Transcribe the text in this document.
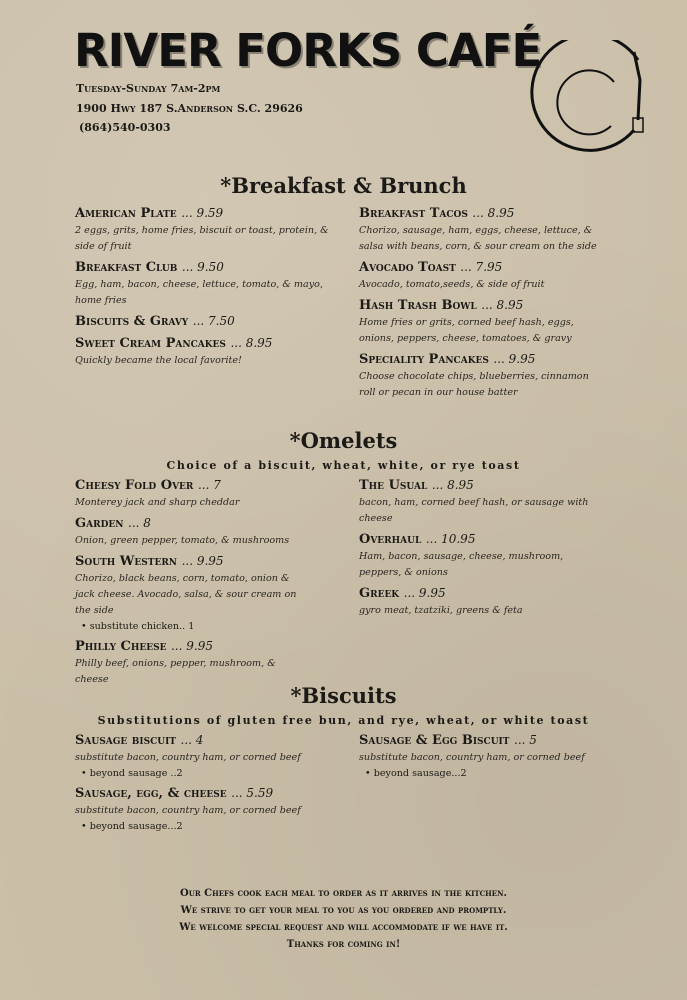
RIVER FORKS CAFÉ
Tuesday-Sunday 7am-2pm
1900 Hwy 187 S.Anderson S.C. 29626
(864)540-0303
*Breakfast & Brunch
American Plate ... 9.59
2 eggs, grits, home fries, biscuit or toast, protein, & side of fruit
Breakfast Club ... 9.50
Egg, ham, bacon, cheese, lettuce, tomato, & mayo, home fries
Biscuits & Gravy ... 7.50
Sweet Cream Pancakes ... 8.95
Quickly became the local favorite!
Breakfast Tacos ... 8.95
Chorizo, sausage, ham, eggs, cheese, lettuce, & salsa with beans, corn, & sour cream on the side
Avocado Toast ... 7.95
Avocado, tomato,seeds, & side of fruit
Hash Trash Bowl ... 8.95
Home fries or grits, corned beef hash, eggs, onions, peppers, cheese, tomatoes, & gravy
Speciality Pancakes ... 9.95
Choose chocolate chips, blueberries, cinnamon roll or pecan in our house batter
*Omelets
Choice of a biscuit, wheat, white, or rye toast
Cheesy Fold Over ... 7
Monterey jack and sharp cheddar
Garden ... 8
Onion, green pepper, tomato, & mushrooms
South Western ... 9.95
Chorizo, black beans, corn, tomato, onion & jack cheese. Avocado, salsa, & sour cream on the side
• substitute chicken.. 1
Philly Cheese ... 9.95
Philly beef, onions, pepper, mushroom, & cheese
The Usual ... 8.95
bacon, ham, corned beef hash, or sausage with cheese
Overhaul ... 10.95
Ham, bacon, sausage, cheese, mushroom, peppers, & onions
Greek ... 9.95
gyro meat, tzatziki, greens & feta
*Biscuits
Substitutions of gluten free bun, and rye, wheat, or white toast
Sausage biscuit ... 4
substitute bacon, country ham, or corned beef
• beyond sausage ..2
Sausage, egg, & cheese ... 5.59
substitute bacon, country ham, or corned beef
• beyond sausage...2
Sausage & Egg Biscuit ... 5
substitute bacon, country ham, or corned beef
• beyond sausage...2
Our Chefs cook each meal to order as it arrives in the kitchen.
We strive to get your meal to you as you ordered and promptly.
We welcome special request and will accommodate if we have it.
Thanks for coming in!
